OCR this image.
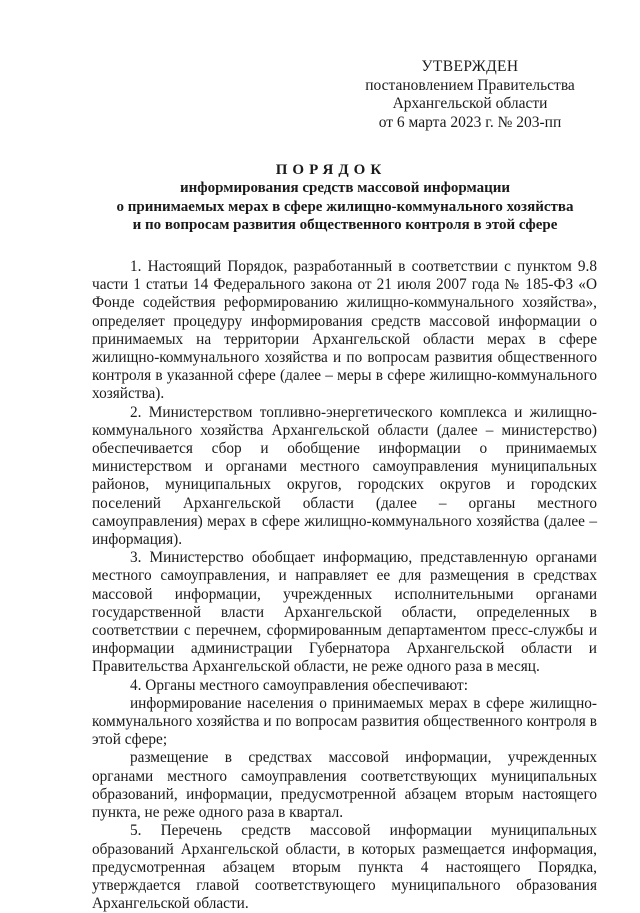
УТВЕРЖДЕН
постановлением Правительства
Архангельской области
от 6 марта 2023 г. № 203-пп
ПОРЯДОК
информирования средств массовой информации
о принимаемых мерах в сфере жилищно-коммунального хозяйства
и по вопросам развития общественного контроля в этой сфере

1. Настоящий Порядок, разработанный в соответствии с пунктом 9.8 части 1 статьи 14 Федерального закона от 21 июля 2007 года № 185-ФЗ «О Фонде содействия реформированию жилищно-коммунального хозяйства», определяет процедуру информирования средств массовой информации о принимаемых на территории Архангельской области мерах в сфере жилищно-коммунального хозяйства и по вопросам развития общественного контроля в указанной сфере (далее – меры в сфере жилищно-коммунального хозяйства).

2. Министерством топливно-энергетического комплекса и жилищно-коммунального хозяйства Архангельской области (далее – министерство) обеспечивается сбор и обобщение информации о принимаемых министерством и органами местного самоуправления муниципальных районов, муниципальных округов, городских округов и городских поселений Архангельской области (далее – органы местного самоуправления) мерах в сфере жилищно-коммунального хозяйства (далее – информация).

3. Министерство обобщает информацию, представленную органами местного самоуправления, и направляет ее для размещения в средствах массовой информации, учрежденных исполнительными органами государственной власти Архангельской области, определенных в соответствии с перечнем, сформированным департаментом пресс-службы и информации администрации Губернатора Архангельской области и Правительства Архангельской области, не реже одного раза в месяц.

4. Органы местного самоуправления обеспечивают:

информирование населения о принимаемых мерах в сфере жилищно-коммунального хозяйства и по вопросам развития общественного контроля в этой сфере;

размещение в средствах массовой информации, учрежденных органами местного самоуправления соответствующих муниципальных образований, информации, предусмотренной абзацем вторым настоящего пункта, не реже одного раза в квартал.

5. Перечень средств массовой информации муниципальных образований Архангельской области, в которых размещается информация, предусмотренная абзацем вторым пункта 4 настоящего Порядка, утверждается главой соответствующего муниципального образования Архангельской области.
